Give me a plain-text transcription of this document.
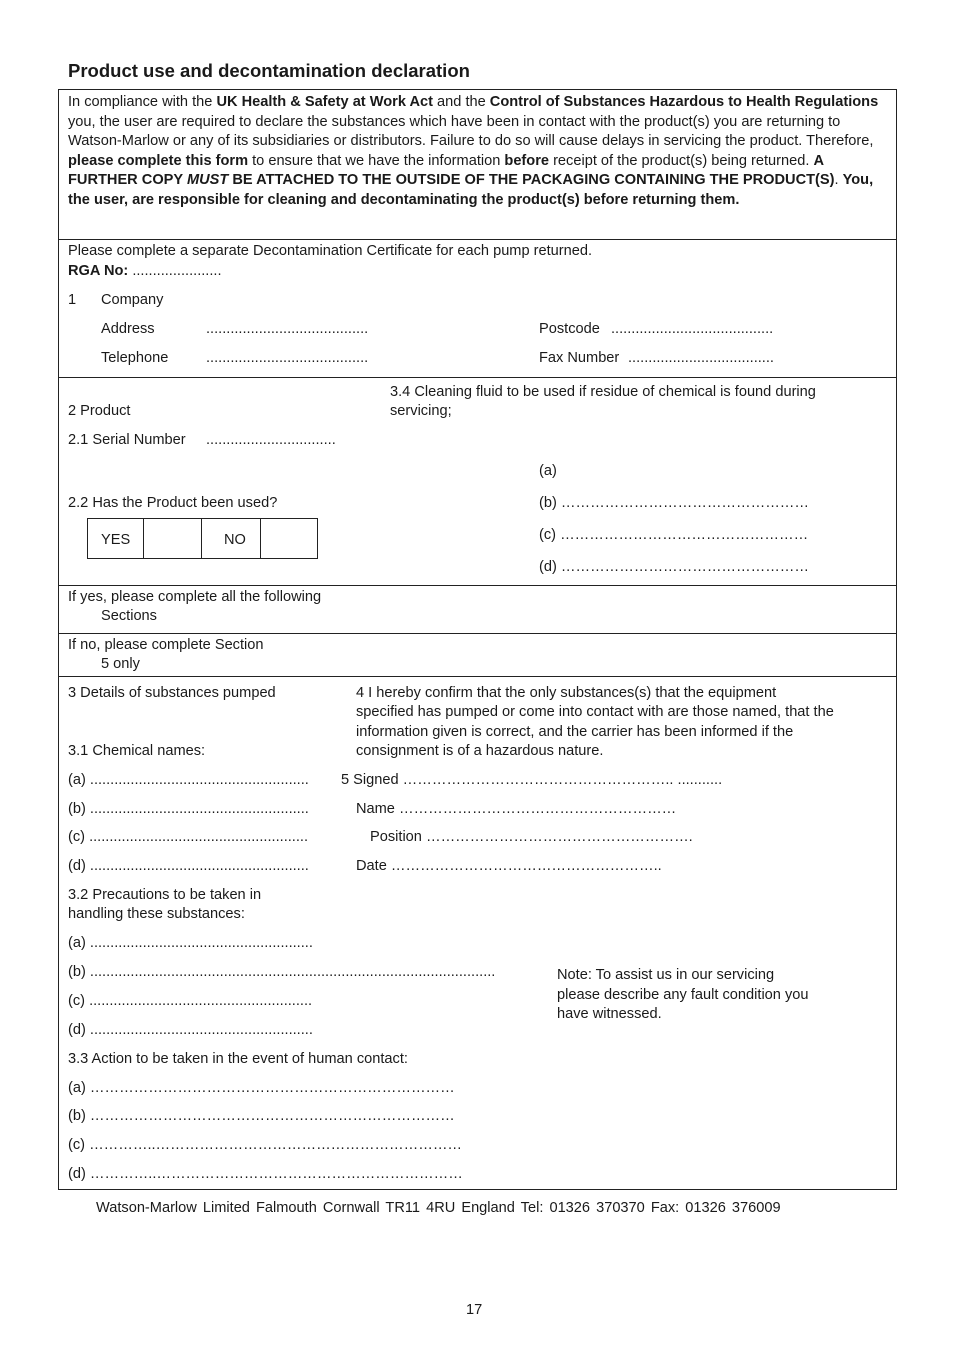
Product use and decontamination declaration
In compliance with the UK Health & Safety at Work Act and the Control of Substances Hazardous to Health Regulations you, the user are required to declare the substances which have been in contact with the product(s) you are returning to Watson-Marlow or any of its subsidiaries or distributors. Failure to do so will cause delays in servicing the product. Therefore, please complete this form to ensure that we have the information before receipt of the product(s) being returned. A FURTHER COPY MUST BE ATTACHED TO THE OUTSIDE OF THE PACKAGING CONTAINING THE PRODUCT(S). You, the user, are responsible for cleaning and decontaminating the product(s) before returning them.
Please complete a separate Decontamination Certificate for each pump returned.
RGA No: ......................
1 Company
Address	........................................	Postcode ........................................
Telephone	........................................	Fax Number ....................................
3.4 Cleaning fluid to be used if residue of chemical is found during
servicing;
2 Product
2.1 Serial Number ................................
(a)
2.2 Has the Product been used?	(b) ……………………………………………
YES	NO	(c) ……………………………………………
(d) ……………………………………………
If yes, please complete all the following
Sections
If no, please complete Section
5 only
3 Details of substances pumped	4 I hereby confirm that the only substances(s) that the equipment
specified has pumped or come into contact with are those named, that the
information given is correct, and the carrier has been informed if the
3.1 Chemical names:	consignment is of a hazardous nature.
(a) ...................................................... 5 Signed ……………………………………………….. ...........
(b) ......................................................	Name …………………………………………………
(c) ......................................................	Position ……………………………………………….
(d) ......................................................	Date ………………………………………………..
3.2 Precautions to be taken in
handling these substances:
(a) .......................................................
(b) ....................................................................................................	Note: To assist us in our servicing
please describe any fault condition you
have witnessed.
(c) .......................................................
(d) .......................................................
3.3 Action to be taken in the event of human contact:
(a) …………………………………………………………………
(b) …………………………………………………………………
(c) …………..………………………………………………………
(d) …………..………………………………………………………
Watson-Marlow Limited Falmouth Cornwall TR11 4RU England Tel: 01326 370370 Fax: 01326 376009
17
